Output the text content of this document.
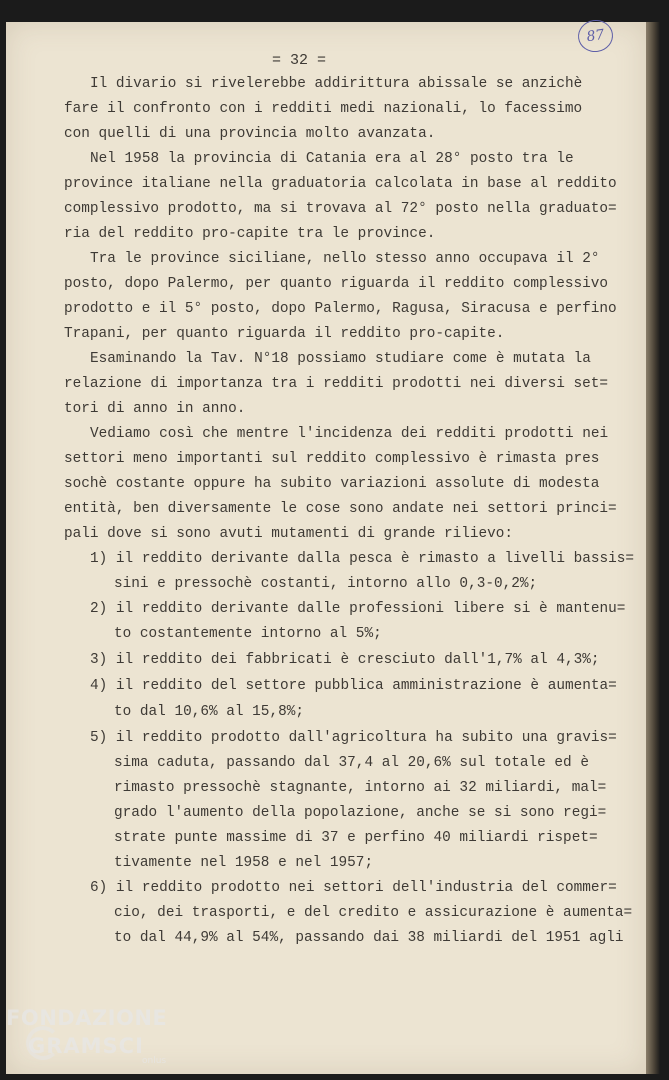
87
= 32 =
Il divario si rivelerebbe addirittura abissale se anzichè
fare il confronto con i redditi medi nazionali, lo facessimo
con quelli di una provincia molto avanzata.
Nel 1958 la provincia di Catania era al 28° posto tra le
province italiane nella graduatoria calcolata in base al reddito
complessivo prodotto, ma si trovava al 72° posto nella graduato=
ria del reddito pro-capite tra le province.
Tra le province siciliane, nello stesso anno occupava il 2°
posto, dopo Palermo, per quanto riguarda il reddito complessivo
prodotto e il 5° posto, dopo Palermo, Ragusa, Siracusa e perfino
Trapani, per quanto riguarda il reddito pro-capite.
Esaminando la Tav. N°18 possiamo studiare come è mutata la
relazione di importanza tra i redditi prodotti nei diversi set=
tori di anno in anno.
Vediamo così che mentre l'incidenza dei redditi prodotti nei
settori meno importanti sul reddito complessivo è rimasta pres
sochè costante oppure ha subito variazioni assolute di modesta
entità, ben diversamente le cose sono andate nei settori princi=
pali dove si sono avuti mutamenti di grande rilievo:
1) il reddito derivante dalla pesca è rimasto a livelli bassis=
sini e pressochè costanti, intorno allo 0,3-0,2%;
2) il reddito derivante dalle professioni libere si è mantenu=
to costantemente intorno al 5%;
3) il reddito dei fabbricati è cresciuto dall'1,7% al 4,3%;
4) il reddito del settore pubblica amministrazione è aumenta=
to dal 10,6% al 15,8%;
5) il reddito prodotto dall'agricoltura ha subito una gravis=
sima caduta, passando dal 37,4 al 20,6% sul totale ed è
rimasto pressochè stagnante, intorno ai 32 miliardi, mal=
grado l'aumento della popolazione, anche se si sono regi=
strate punte massime di 37 e perfino 40 miliardi rispet=
tivamente nel 1958 e nel 1957;
6) il reddito prodotto nei settori dell'industria del commer=
cio, dei trasporti, e del credito e assicurazione è aumenta=
to dal 44,9% al 54%, passando dai 38 miliardi del 1951 agli
FONDAZIONE
GRAMSCI
onlus
